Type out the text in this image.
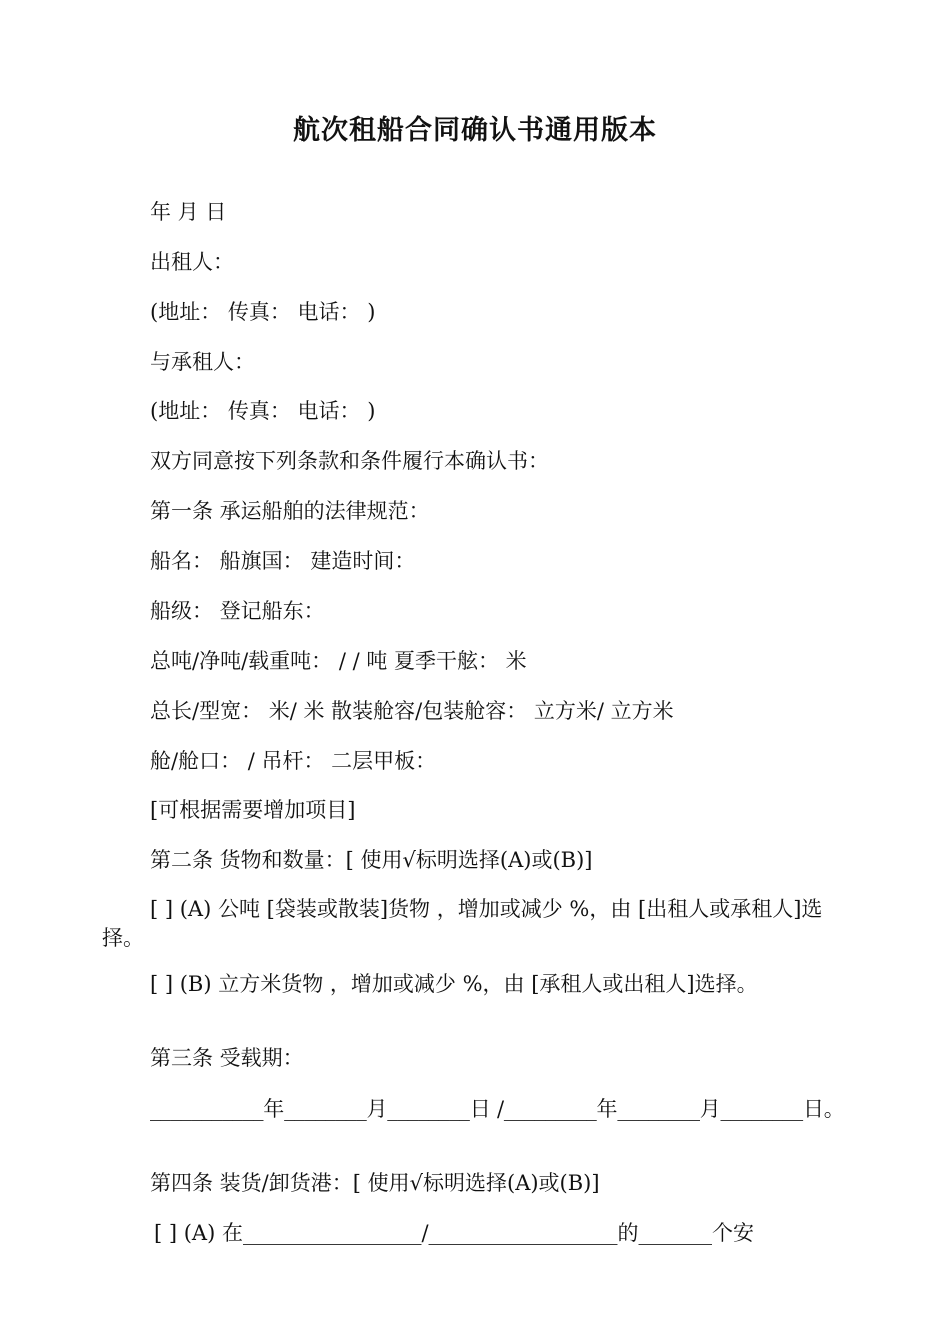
航次租船合同确认书通用版本
年 月 日
出租人：
(地址： 传真： 电话： )
与承租人：
(地址： 传真： 电话： )
双方同意按下列条款和条件履行本确认书：
第一条 承运船舶的法律规范：
船名： 船旗国： 建造时间：
船级： 登记船东：
总吨/净吨/载重吨： / / 吨 夏季干舷： 米
总长/型宽： 米/ 米 散装舱容/包装舱容： 立方米/ 立方米
舱/舱口： / 吊杆： 二层甲板：
[可根据需要增加项目]
第二条 货物和数量：[ 使用√标明选择(A)或(B)]
[ ] (A) 公吨 [袋装或散装]货物 ，增加或减少 %，由 [出租人或承租人]选择。
[ ] (B) 立方米货物 ，增加或减少 %，由 [承租人或出租人]选择。
第三条 受载期：
___________年________月________日 /_________年________月________日。
第四条 装货/卸货港：[ 使用√标明选择(A)或(B)]
[ ] (A) 在_________________/__________________的_______个安
